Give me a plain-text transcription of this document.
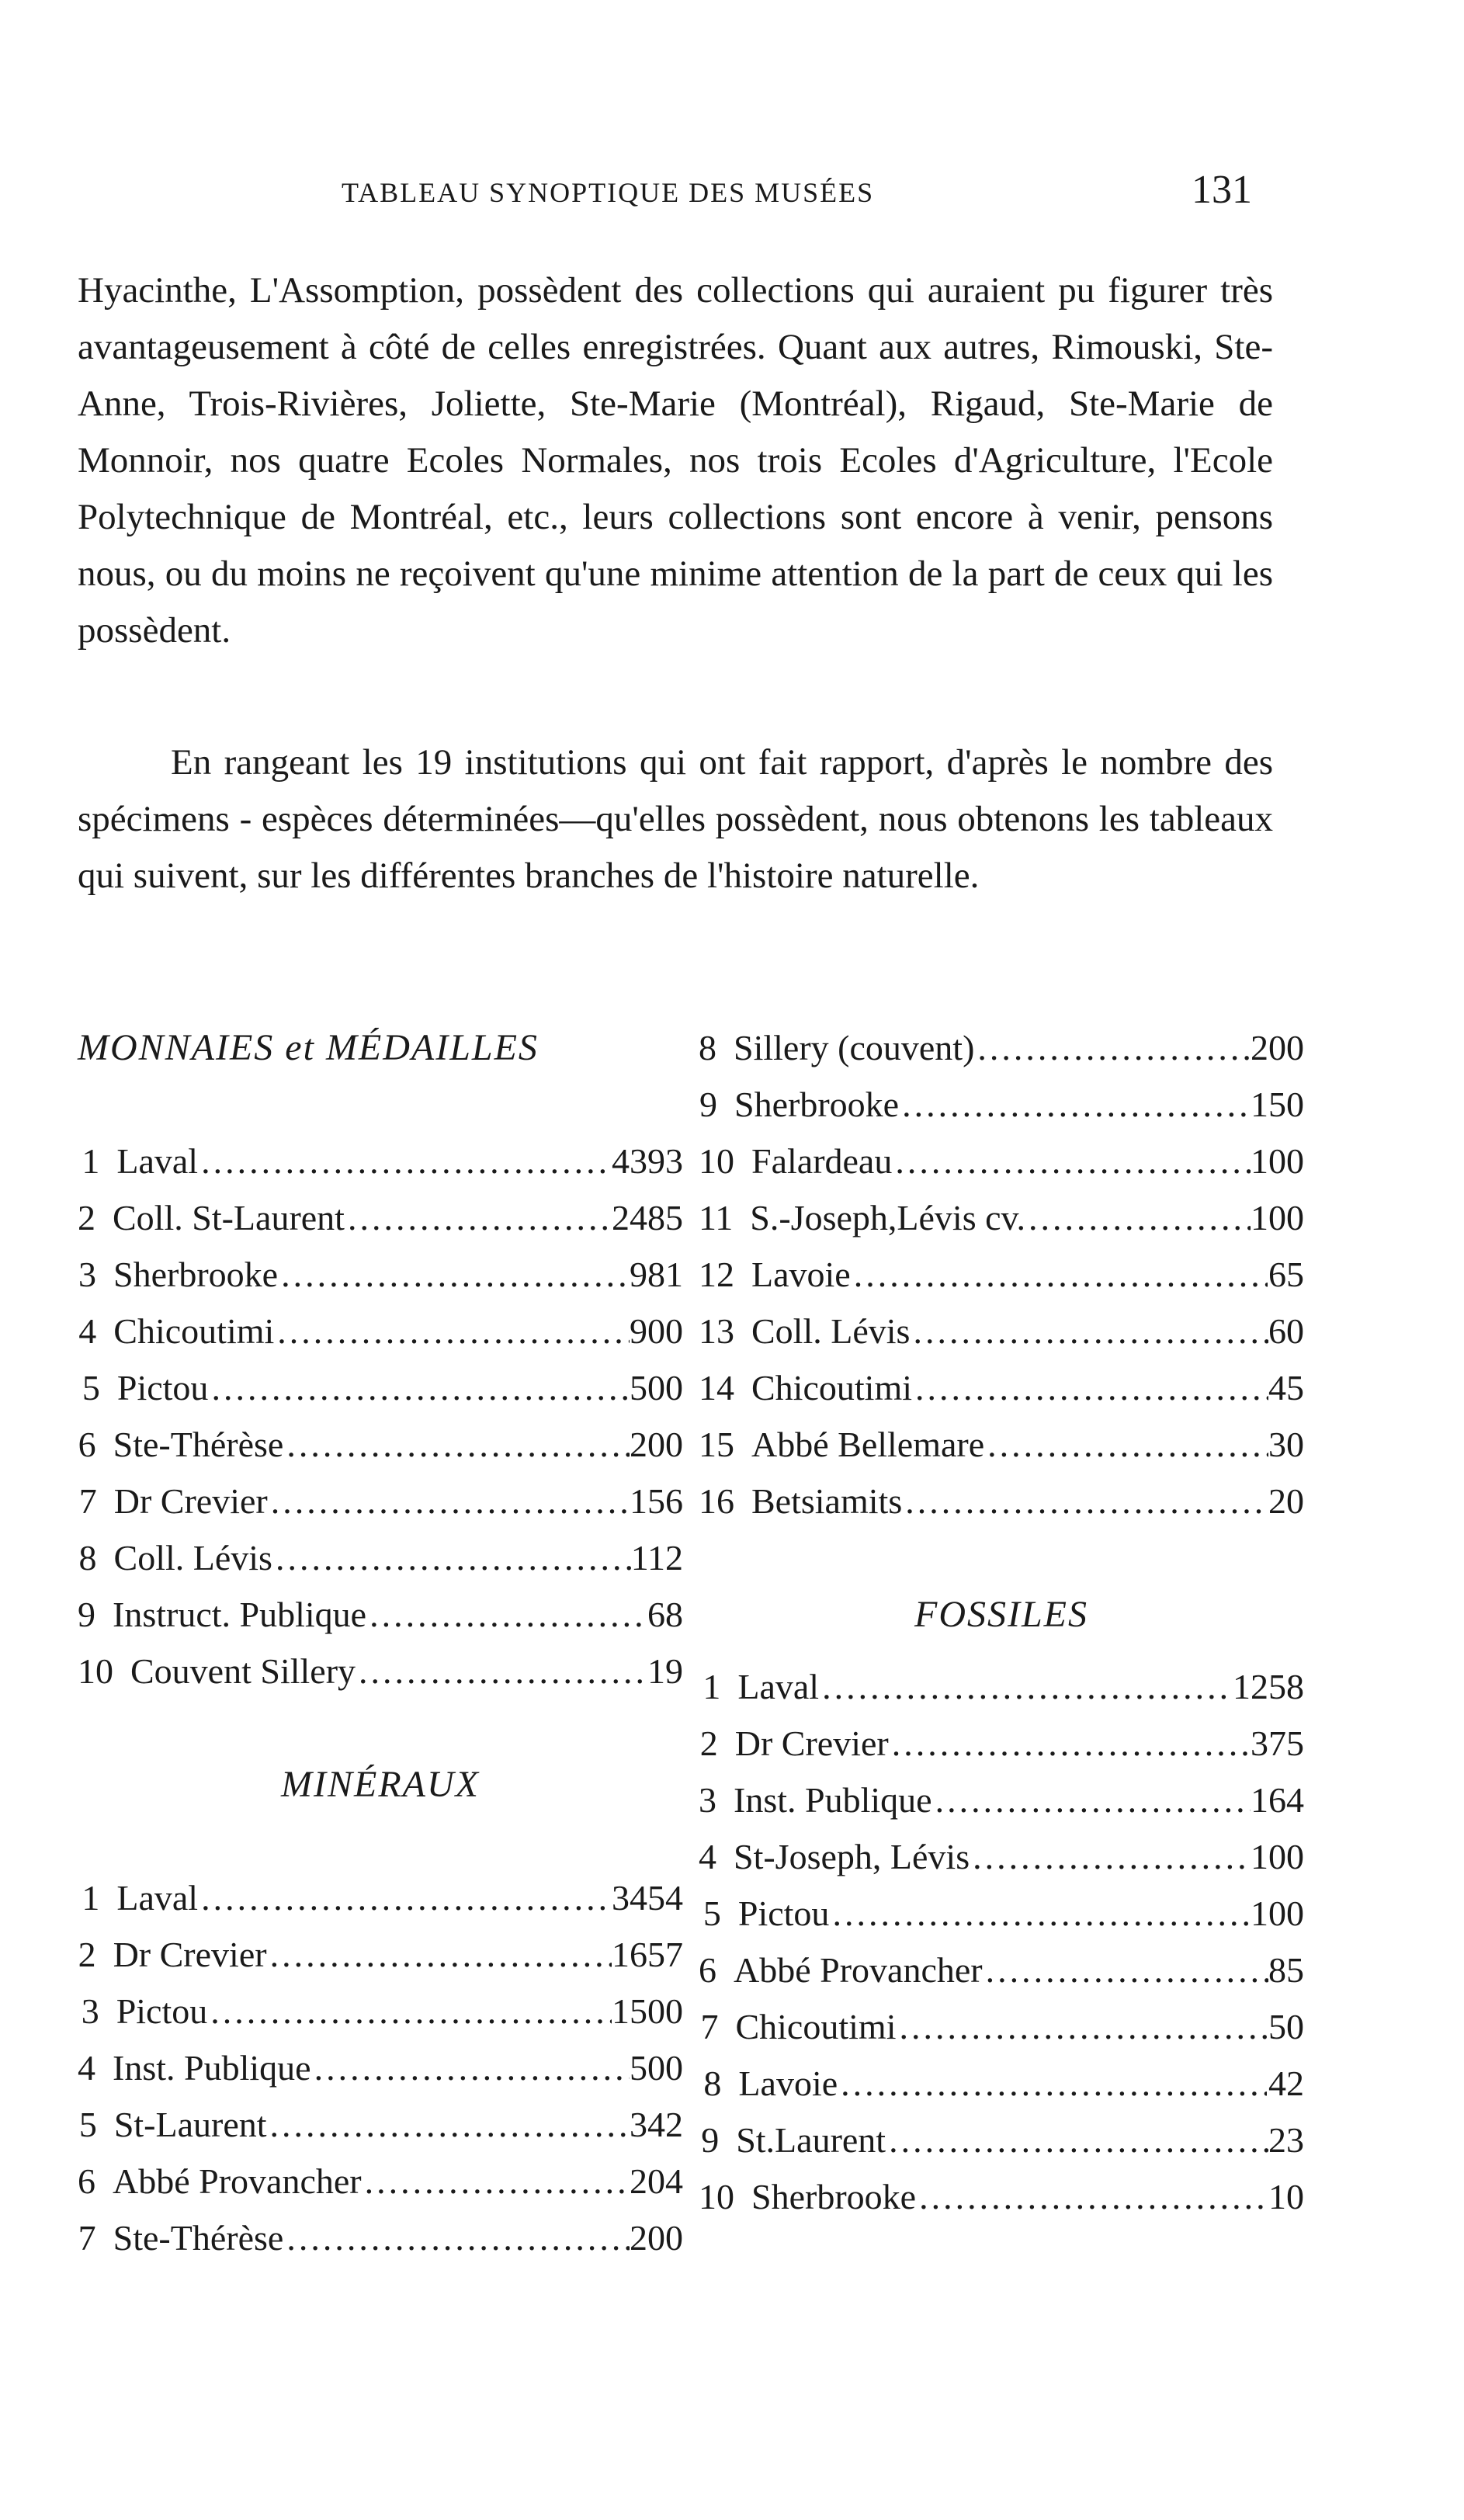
TABLEAU SYNOPTIQUE DES MUSÉES	131

Hyacinthe, L'Assomption, possèdent des collections qui auraient pu figurer très avantageusement à côté de celles enregistrées. Quant aux autres, Rimouski, Ste-Anne, Trois-Rivières, Joliette, Ste-Marie (Montréal), Rigaud, Ste-Marie de Monnoir, nos quatre Ecoles Normales, nos trois Ecoles d'Agriculture, l'Ecole Polytechnique de Montréal, etc., leurs collections sont encore à venir, pensons nous, ou du moins ne reçoivent qu'une minime attention de la part de ceux qui les possèdent.

En rangeant les 19 institutions qui ont fait rapport, d'après le nombre des spécimens - espèces déterminées—qu'elles possèdent, nous obtenons les tableaux qui suivent, sur les différentes branches de l'histoire naturelle.

MONNAIES et MÉDAILLES
1 Laval .....	4393
2 Coll. St-Laurent .....	2485
3 Sherbrooke .....	981
4 Chicoutimi .....	900
5 Pictou .....	500
6 Ste-Thérèse .....	200
7 Dr Crevier .....	156
8 Coll. Lévis .....	112
9 Instruct. Publique .....	68
10 Couvent Sillery .....	19
MINÉRAUX
1 Laval .....	3454
2 Dr Crevier .....	1657
3 Pictou .....	1500
4 Inst. Publique .....	500
5 St-Laurent .....	342
6 Abbé Provancher .....	204
7 Ste-Thérèse .....	200
8 Sillery (couvent) .....	200
9 Sherbrooke .....	150
10 Falardeau .....	100
11 S.-Joseph,Lévis cv. .....	100
12 Lavoie .....	65
13 Coll. Lévis .....	60
14 Chicoutimi .....	45
15 Abbé Bellemare .....	30
16 Betsiamits .....	20
FOSSILES
1 Laval .....	1258
2 Dr Crevier .....	375
3 Inst. Publique .....	164
4 St-Joseph, Lévis .....	100
5 Pictou .....	100
6 Abbé Provancher .....	85
7 Chicoutimi .....	50
8 Lavoie .....	42
9 St.Laurent .....	23
10 Sherbrooke .....	10
